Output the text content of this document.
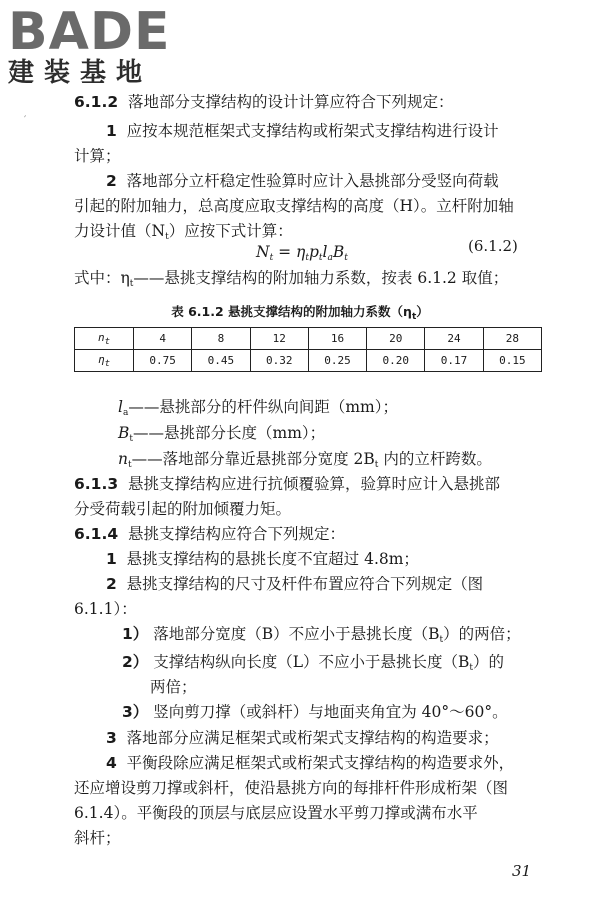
BADE
建装基地
′
6.1.2 落地部分支撑结构的设计计算应符合下列规定：
1 应按本规范框架式支撑结构或桁架式支撑结构进行设计
计算；
2 落地部分立杆稳定性验算时应计入悬挑部分受竖向荷载
引起的附加轴力，总高度应取支撑结构的高度（H）。立杆附加轴
力设计值$(N_t)$应按下式计算：
$N_t = \eta_tp_tl_aB_t$
(6.1.2)
式中：$\eta_t——$悬挑支撑结构的附加轴力系数，按表 6.1.2 取值；
表 6.1.2 悬挑支撑结构的附加轴力系数$(\eta_t)$
$n_t$	4	8	12	16	20	24	28
$\eta_t$	0.75	0.45	0.32	0.25	0.20	0.17	0.15
$l_a——$悬挑部分的杆件纵向间距（mm）；
$B_t——$悬挑部分长度（mm）；
$n_t——$落地部分靠近悬挑部分宽度 $2B_t$ 内的立杆跨数。
6.1.3 悬挑支撑结构应进行抗倾覆验算，验算时应计入悬挑部
分受荷载引起的附加倾覆力矩。
6.1.4 悬挑支撑结构应符合下列规定：
1 悬挑支撑结构的悬挑长度不宜超过 4.8m；
2 悬挑支撑结构的尺寸及杆件布置应符合下列规定（图
6.1.1）：
1） 落地部分宽度（B）不应小于悬挑长度$(B_t)$的两倍；
2） 支撑结构纵向长度（L）不应小于悬挑长度$(B_t)$的
两倍；
3） 竖向剪刀撑（或斜杆）与地面夹角宜为 40°～60°。
3 落地部分应满足框架式或桁架式支撑结构的构造要求；
4 平衡段除应满足框架式或桁架式支撑结构的构造要求外，
还应增设剪刀撑或斜杆，使沿悬挑方向的每排杆件形成桁架（图
6.1.4）。平衡段的顶层与底层应设置水平剪刀撑或满布水平
斜杆；
31
